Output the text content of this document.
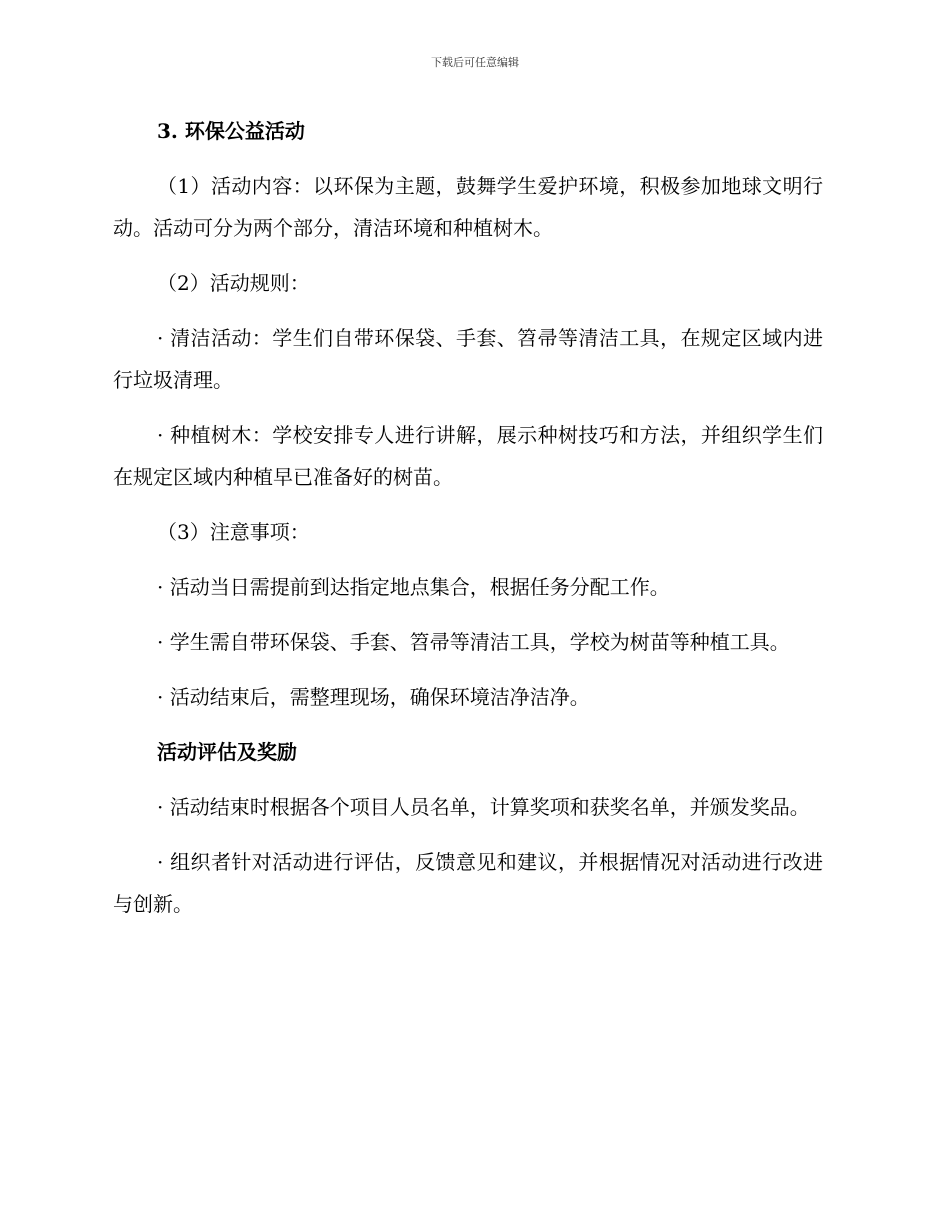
下载后可任意编辑

3. 环保公益活动

（1）活动内容：以环保为主题，鼓舞学生爱护环境，积极参加地球文明行动。活动可分为两个部分，清洁环境和种植树木。

（2）活动规则：

· 清洁活动：学生们自带环保袋、手套、笤帚等清洁工具，在规定区域内进行垃圾清理。

· 种植树木：学校安排专人进行讲解，展示种树技巧和方法，并组织学生们在规定区域内种植早已准备好的树苗。

（3）注意事项：

· 活动当日需提前到达指定地点集合，根据任务分配工作。

· 学生需自带环保袋、手套、笤帚等清洁工具，学校为树苗等种植工具。

· 活动结束后，需整理现场，确保环境洁净洁净。

活动评估及奖励

· 活动结束时根据各个项目人员名单，计算奖项和获奖名单，并颁发奖品。

· 组织者针对活动进行评估，反馈意见和建议，并根据情况对活动进行改进与创新。
